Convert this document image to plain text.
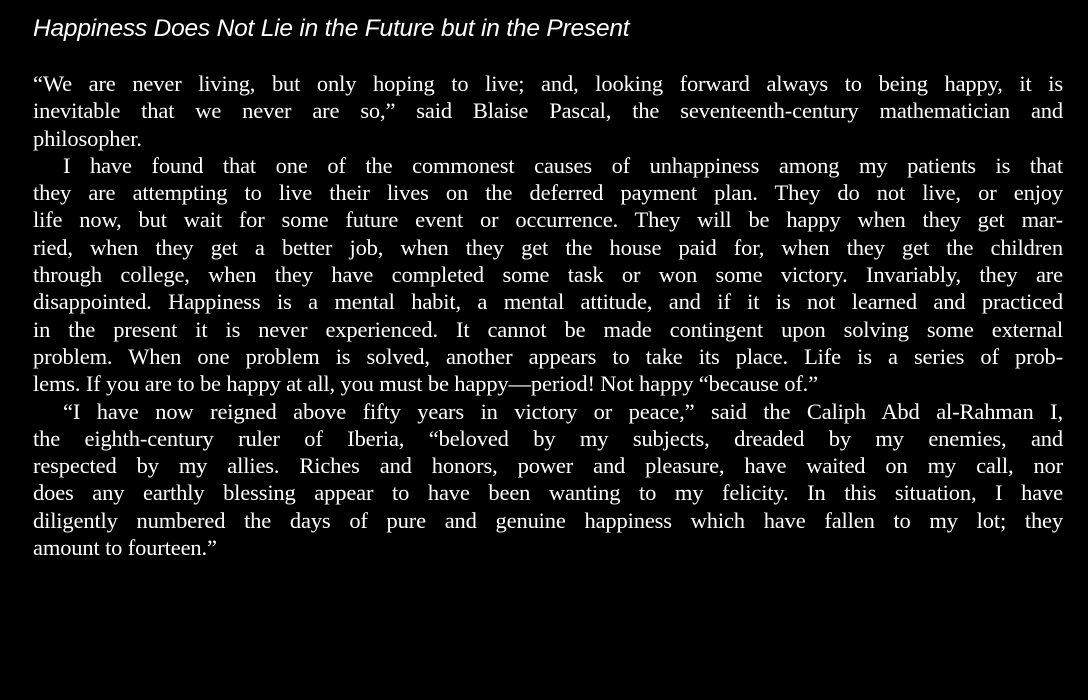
Happiness Does Not Lie in the Future but in the Present

“We are never living, but only hoping to live; and, looking forward always to being happy, it is
inevitable that we never are so,” said Blaise Pascal, the seventeenth-century mathematician and
philosopher.

I have found that one of the commonest causes of unhappiness among my patients is that
they are attempting to live their lives on the deferred payment plan. They do not live, or enjoy
life now, but wait for some future event or occurrence. They will be happy when they get mar-
ried, when they get a better job, when they get the house paid for, when they get the children
through college, when they have completed some task or won some victory. Invariably, they are
disappointed. Happiness is a mental habit, a mental attitude, and if it is not learned and practiced
in the present it is never experienced. It cannot be made contingent upon solving some external
problem. When one problem is solved, another appears to take its place. Life is a series of prob-
lems. If you are to be happy at all, you must be happy—period! Not happy “because of.”

“I have now reigned above fifty years in victory or peace,” said the Caliph Abd al-Rahman I,
the eighth-century ruler of Iberia, “beloved by my subjects, dreaded by my enemies, and
respected by my allies. Riches and honors, power and pleasure, have waited on my call, nor
does any earthly blessing appear to have been wanting to my felicity. In this situation, I have
diligently numbered the days of pure and genuine happiness which have fallen to my lot; they
amount to fourteen.”
